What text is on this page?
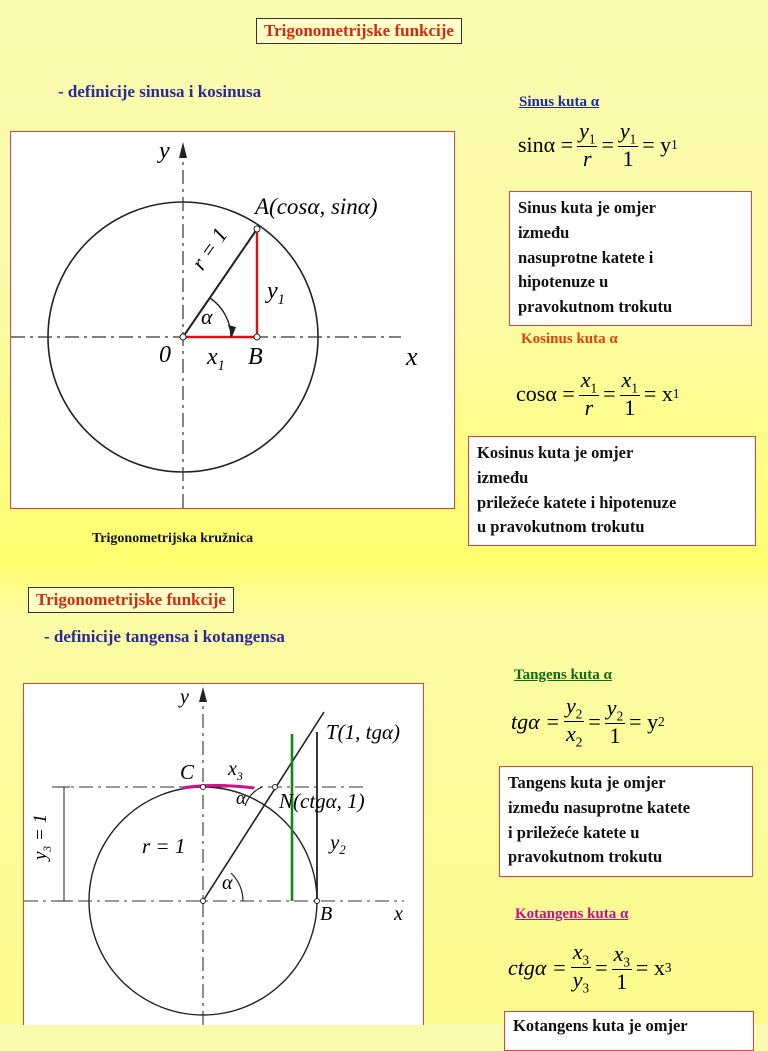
Trigonometrijske funkcije
- definicije sinusa i kosinusa
y
x
A(cosα, sinα)
r = 1
$y_1$
α
0 $x_1$ B
Trigonometrijska kružnica
Sinus kuta α
$\sin\alpha = \frac{y_1}{r} = \frac{y_1}{1} = y$ 1
Sinus kuta je omjer
između
nasuprotne katete i
hipotenuze u
pravokutnom trokutu
Kosinus kuta α
$\cos\alpha = \frac{x_1}{r} = \frac{x_1}{1} = x$ 1
Kosinus kuta je omjer
između
priležeće katete i hipotenuze
u pravokutnom trokutu
Trigonometrijske funkcije
- definicije tangensa i kotangensa
y
x
T(1, tgα)
C $x_3$
α N(ctgα, 1)
$y_3 = 1$
r = 1	$y_2$
α
B
Tangens kuta α
$tg\alpha = \frac{y_2}{x_2} = \frac{y_2}{1} = y$ 2
Tangens kuta je omjer
između nasuprotne katete
i priležeće katete u
pravokutnom trokutu
Kotangens kuta α
$ctg\alpha = \frac{x_3}{y_3} = \frac{x_3}{1} = x$ 3
Kotangens kuta je omjer
